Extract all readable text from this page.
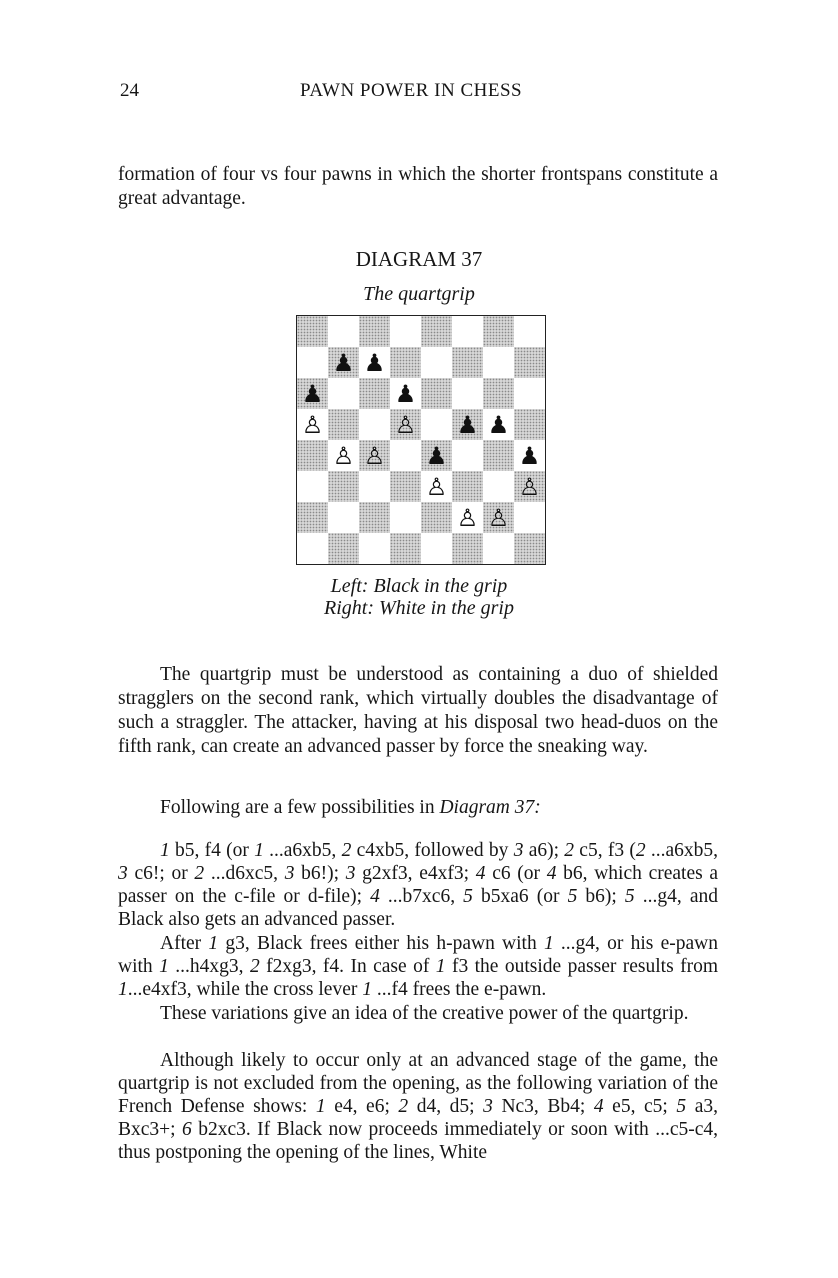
24	PAWN POWER IN CHESS
formation of four vs four pawns in which the shorter frontspans constitute a great advantage.
DIAGRAM 37
The quartgrip
♟ ♟
♟	♟
♙	♙ ♟ ♟
♙ ♙ ♟	♟
♙	♙
♙ ♙
Left: Black in the grip
Right: White in the grip
The quartgrip must be understood as containing a duo of shielded stragglers on the second rank, which virtually doubles the disadvantage of such a straggler. The attacker, having at his disposal two head-duos on the fifth rank, can create an advanced passer by force the sneaking way.
Following are a few possibilities in Diagram 37:
1 b5, f4 (or 1 ...a6xb5, 2 c4xb5, followed by 3 a6); 2 c5, f3 (2 ...a6xb5, 3 c6!; or 2 ...d6xc5, 3 b6!); 3 g2xf3, e4xf3; 4 c6 (or 4 b6, which creates a passer on the c-file or d-file); 4 ...b7xc6, 5 b5xa6 (or 5 b6); 5 ...g4, and Black also gets an advanced passer.
After 1 g3, Black frees either his h-pawn with 1 ...g4, or his e-pawn with 1 ...h4xg3, 2 f2xg3, f4. In case of 1 f3 the outside passer results from 1...e4xf3, while the cross lever 1 ...f4 frees the e-pawn.
These variations give an idea of the creative power of the quartgrip.
Although likely to occur only at an advanced stage of the game, the quartgrip is not excluded from the opening, as the following variation of the French Defense shows: 1 e4, e6; 2 d4, d5; 3 Nc3, Bb4; 4 e5, c5; 5 a3, Bxc3+; 6 b2xc3. If Black now proceeds immediately or soon with ...c5-c4, thus postponing the opening of the lines, White
